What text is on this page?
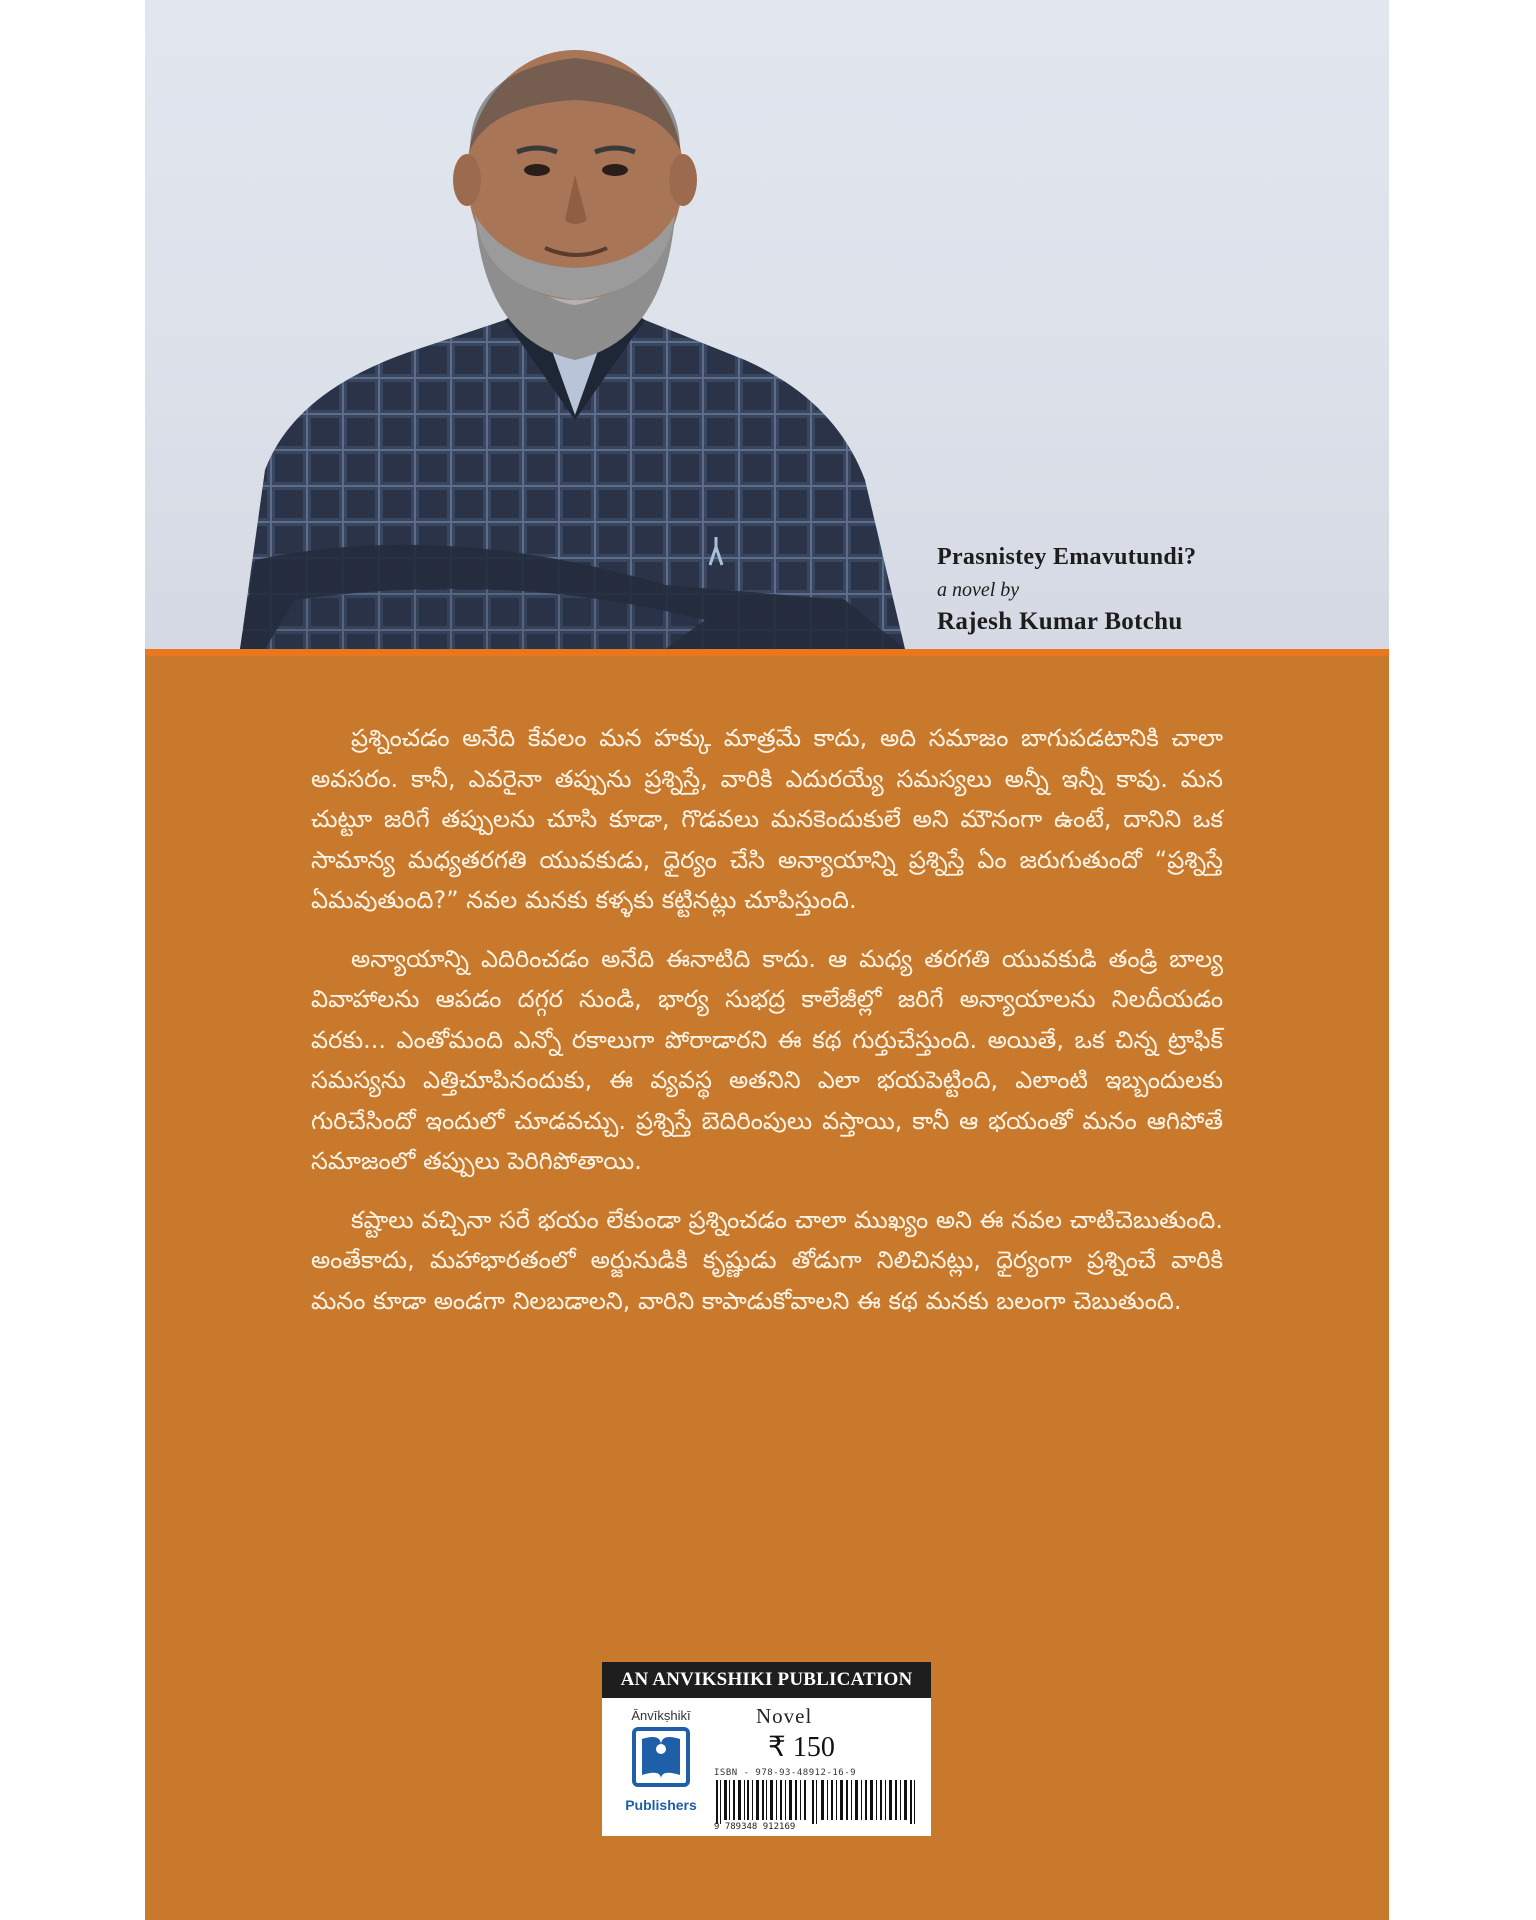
Prasnistey Emavutundi?
a novel by
Rajesh Kumar Botchu

ప్రశ్నించడం అనేది కేవలం మన హక్కు మాత్రమే కాదు, అది సమాజం బాగుపడటానికి చాలా అవసరం. కానీ, ఎవరైనా తప్పును ప్రశ్నిస్తే, వారికి ఎదురయ్యే సమస్యలు అన్నీ ఇన్నీ కావు. మన చుట్టూ జరిగే తప్పులను చూసి కూడా, గొడవలు మనకెందుకులే అని మౌనంగా ఉంటే, దానిని ఒక సామాన్య మధ్యతరగతి యువకుడు, ధైర్యం చేసి అన్యాయాన్ని ప్రశ్నిస్తే ఏం జరుగుతుందో “ప్రశ్నిస్తే ఏమవుతుంది?” నవల మనకు కళ్ళకు కట్టినట్లు చూపిస్తుంది.

అన్యాయాన్ని ఎదిరించడం అనేది ఈనాటిది కాదు. ఆ మధ్య తరగతి యువకుడి తండ్రి బాల్య వివాహాలను ఆపడం దగ్గర నుండి, భార్య సుభద్ర కాలేజీల్లో జరిగే అన్యాయాలను నిలదీయడం వరకు... ఎంతోమంది ఎన్నో రకాలుగా పోరాడారని ఈ కథ గుర్తుచేస్తుంది. అయితే, ఒక చిన్న ట్రాఫిక్ సమస్యను ఎత్తిచూపినందుకు, ఈ వ్యవస్థ అతనిని ఎలా భయపెట్టింది, ఎలాంటి ఇబ్బందులకు గురిచేసిందో ఇందులో చూడవచ్చు. ప్రశ్నిస్తే బెదిరింపులు వస్తాయి, కానీ ఆ భయంతో మనం ఆగిపోతే సమాజంలో తప్పులు పెరిగిపోతాయి.

కష్టాలు వచ్చినా సరే భయం లేకుండా ప్రశ్నించడం చాలా ముఖ్యం అని ఈ నవల చాటిచెబుతుంది. అంతేకాదు, మహాభారతంలో అర్జునుడికి కృష్ణుడు తోడుగా నిలిచినట్లు, ధైర్యంగా ప్రశ్నించే వారికి మనం కూడా అండగా నిలబడాలని, వారిని కాపాడుకోవాలని ఈ కథ మనకు బలంగా చెబుతుంది.

AN ANVIKSHIKI PUBLICATION
Ānvīkṣhikī
Publishers
Novel
₹ 150
ISBN - 978-93-48912-16-9
9 789348 912169
